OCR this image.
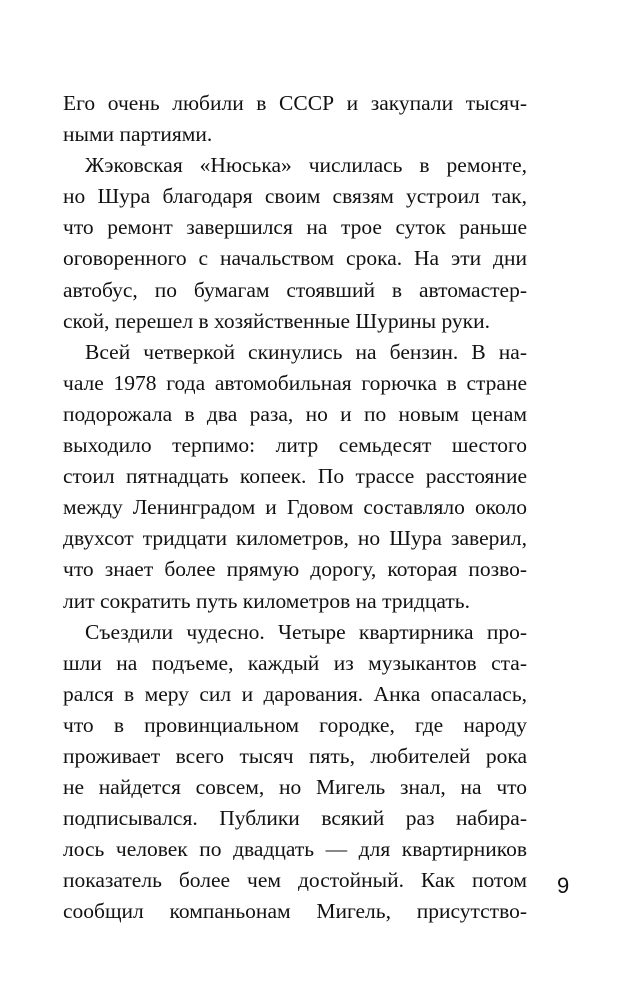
Его очень любили в СССР и закупали тысяч-
ными партиями.
Жэковская «Нюська» числилась в ремонте,
но Шура благодаря своим связям устроил так,
что ремонт завершился на трое суток раньше
оговоренного с начальством срока. На эти дни
автобус, по бумагам стоявший в автомастер-
ской, перешел в хозяйственные Шурины руки.
Всей четверкой скинулись на бензин. В на-
чале 1978 года автомобильная горючка в стране
подорожала в два раза, но и по новым ценам
выходило терпимо: литр семьдесят шестого
стоил пятнадцать копеек. По трассе расстояние
между Ленинградом и Гдовом составляло около
двухсот тридцати километров, но Шура заверил,
что знает более прямую дорогу, которая позво-
лит сократить путь километров на тридцать.
Съездили чудесно. Четыре квартирника про-
шли на подъеме, каждый из музыкантов ста-
рался в меру сил и дарования. Анка опасалась,
что в провинциальном городке, где народу
проживает всего тысяч пять, любителей рока
не найдется совсем, но Мигель знал, на что
подписывался. Публики всякий раз набира-
лось человек по двадцать — для квартирников
показатель более чем достойный. Как потом
сообщил компаньонам Мигель, присутство-
9
